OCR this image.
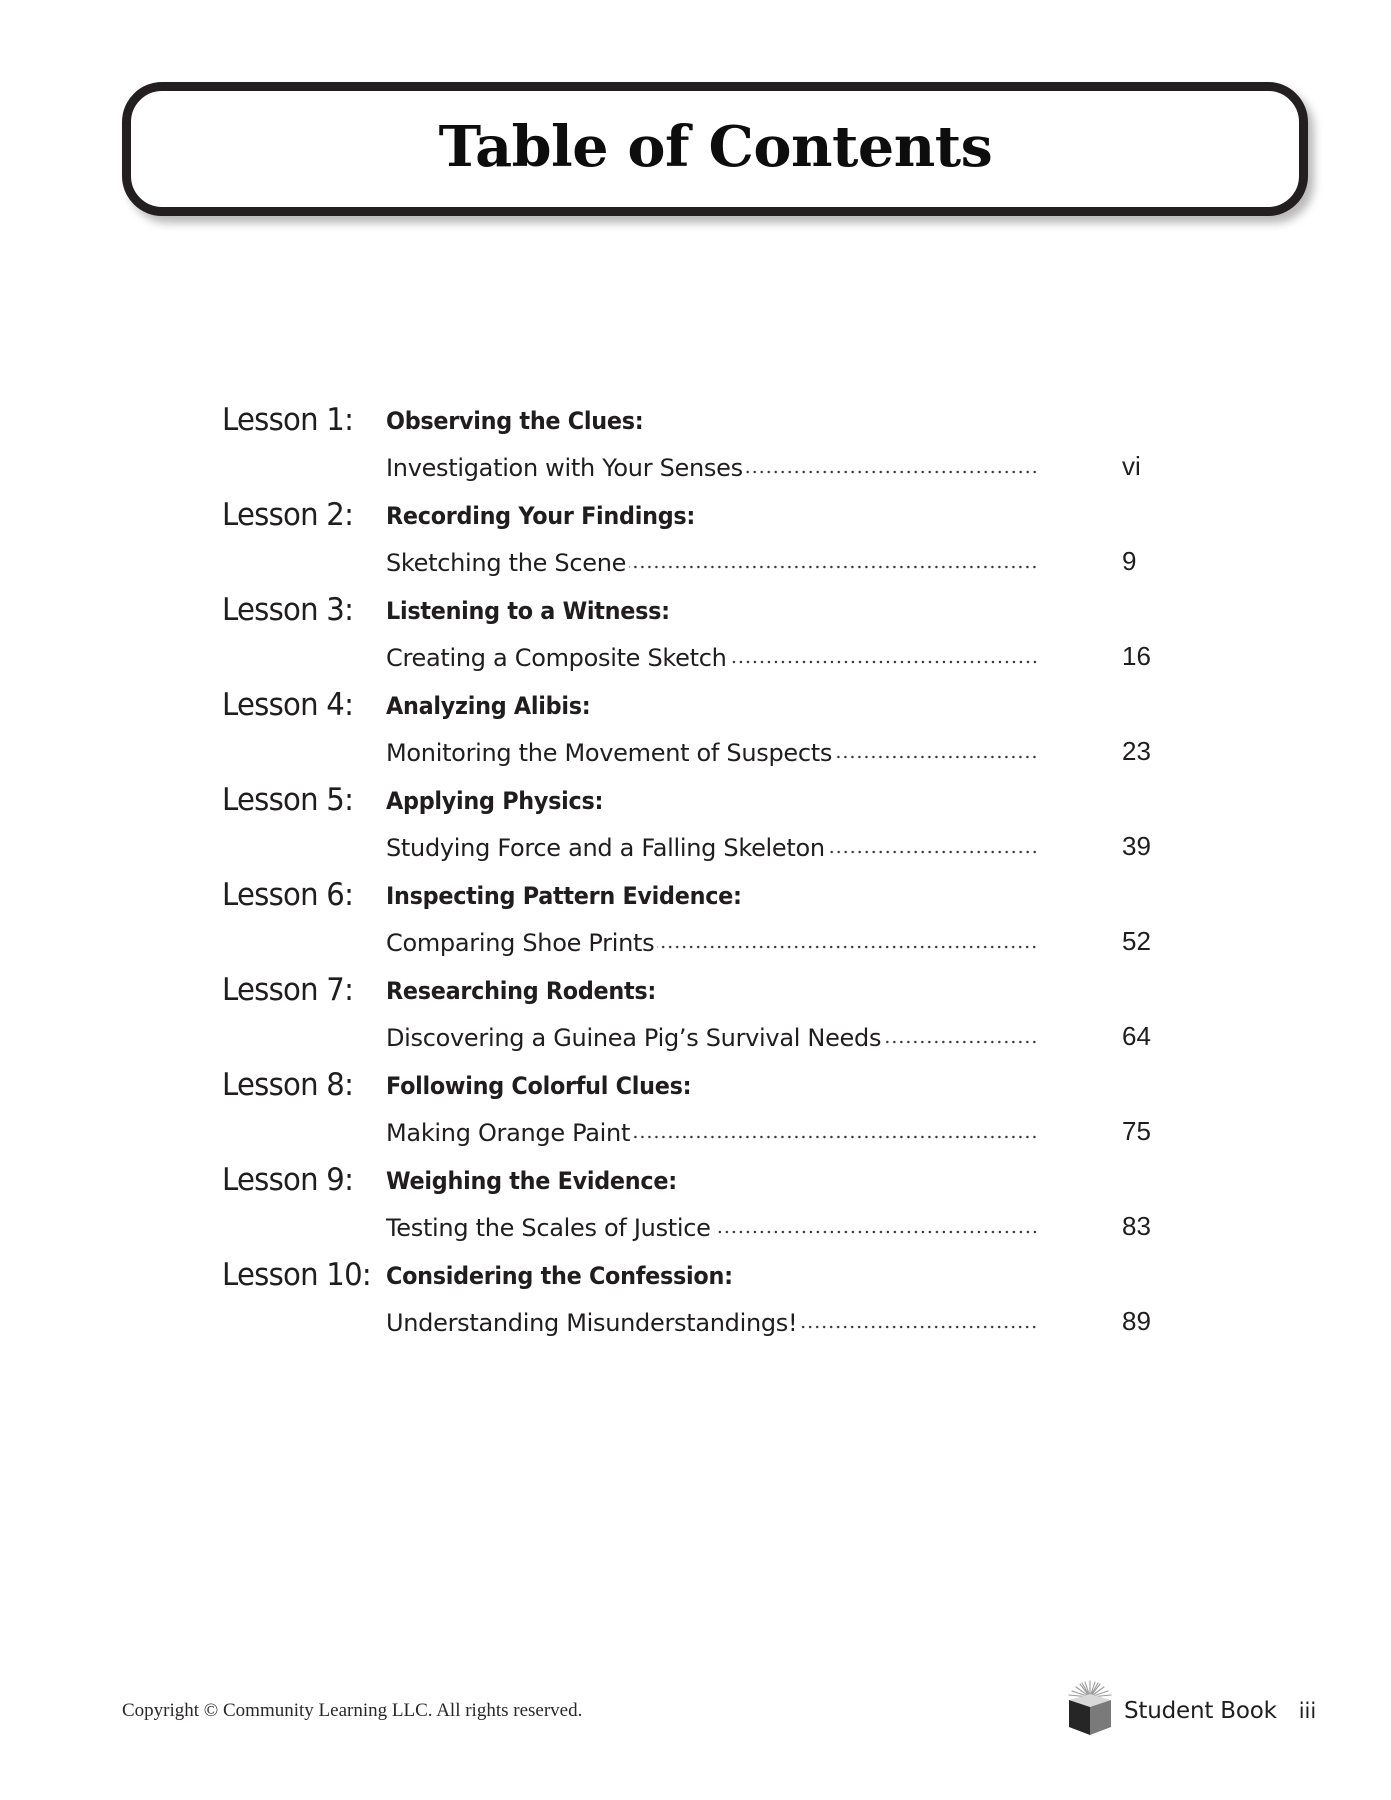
Table of Contents
Lesson 1: Observing the Clues:
Investigation with Your Senses	vi
Lesson 2: Recording Your Findings:
Sketching the Scene	9
Lesson 3: Listening to a Witness:
Creating a Composite Sketch	16
Lesson 4: Analyzing Alibis:
Monitoring the Movement of Suspects	23
Lesson 5: Applying Physics:
Studying Force and a Falling Skeleton	39
Lesson 6: Inspecting Pattern Evidence:
Comparing Shoe Prints	52
Lesson 7: Researching Rodents:
Discovering a Guinea Pig’s Survival Needs	64
Lesson 8: Following Colorful Clues:
Making Orange Paint	75
Lesson 9: Weighing the Evidence:
Testing the Scales of Justice	83
Lesson 10: Considering the Confession:
Understanding Misunderstandings!	89
Copyright © Community Learning LLC. All rights reserved.	Student Book iii
